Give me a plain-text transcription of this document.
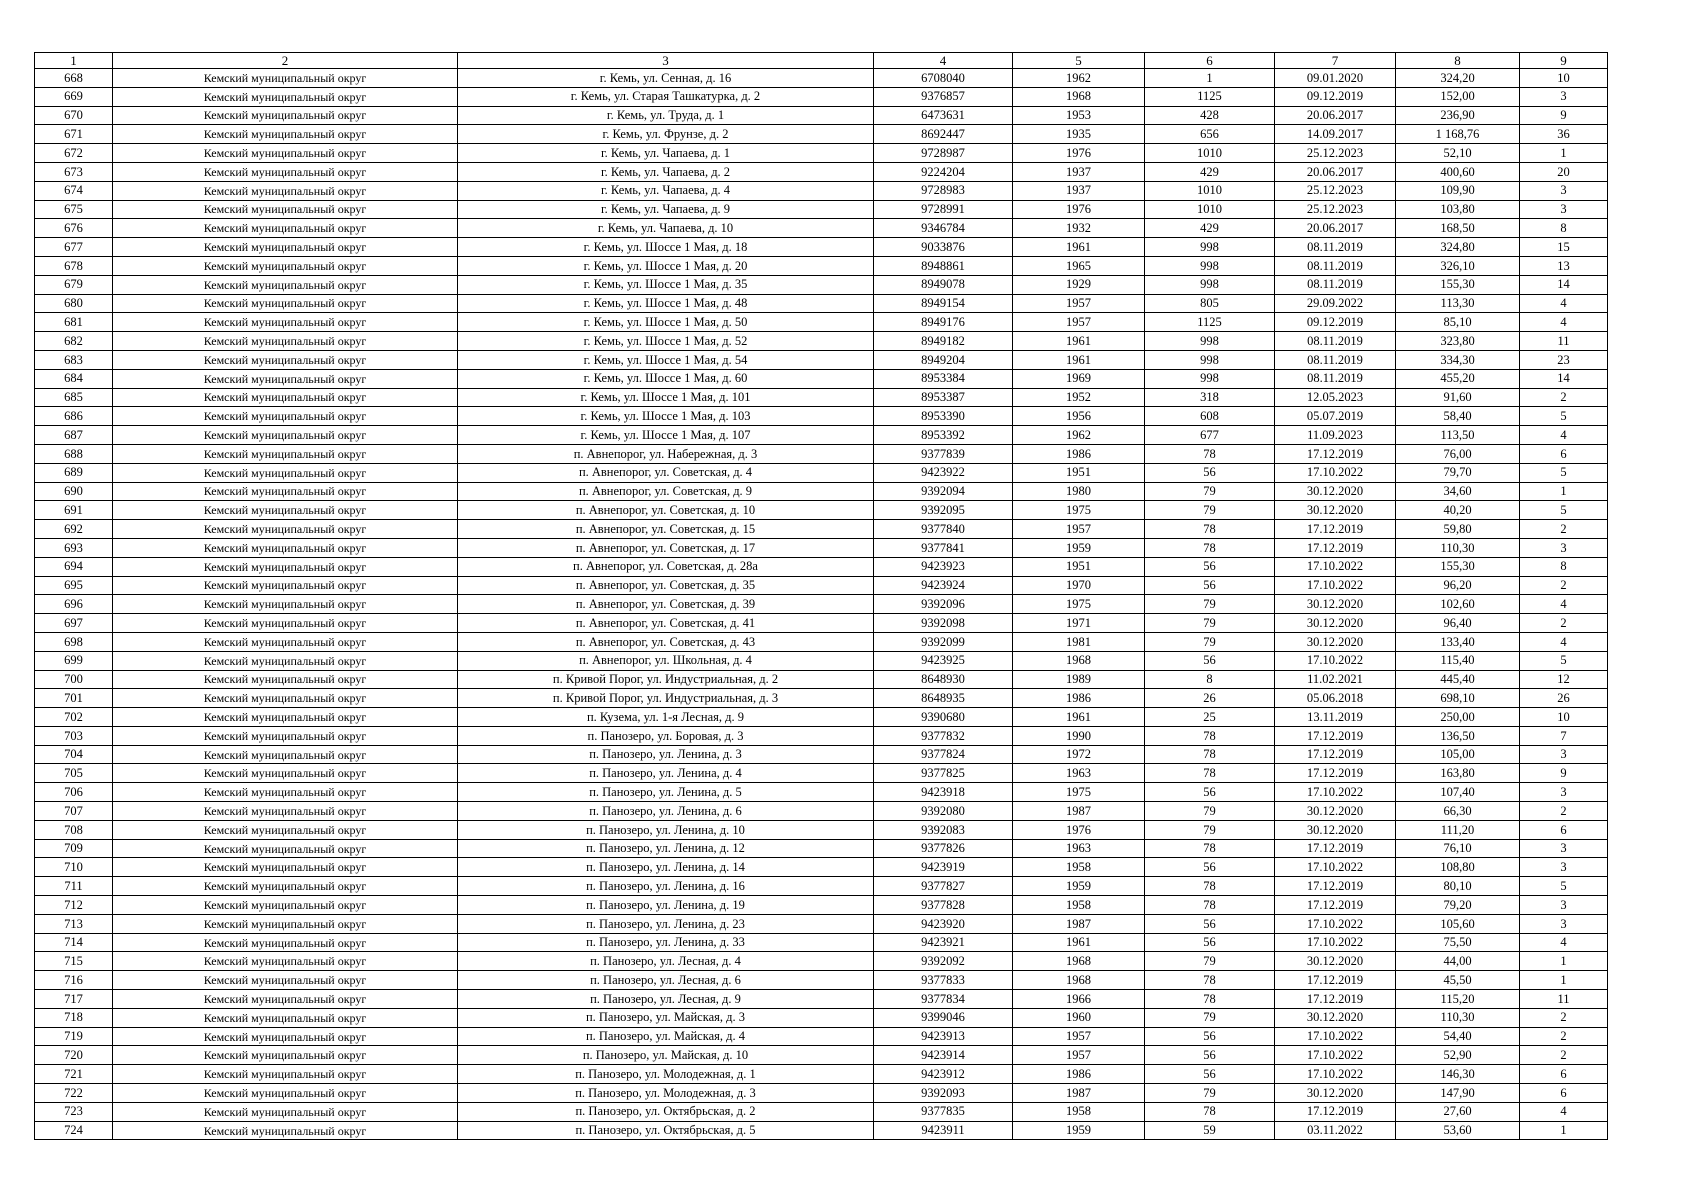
1	2	3	4	5	6	7	8	9
668	Кемский муниципальный округ	г. Кемь, ул. Сенная, д. 16	6708040	1962	1	09.01.2020	324,20	10
669	Кемский муниципальный округ	г. Кемь, ул. Старая Ташкатурка, д. 2	9376857	1968	1125	09.12.2019	152,00	3
670	Кемский муниципальный округ	г. Кемь, ул. Труда, д. 1	6473631	1953	428	20.06.2017	236,90	9
671	Кемский муниципальный округ	г. Кемь, ул. Фрунзе, д. 2	8692447	1935	656	14.09.2017	1 168,76	36
672	Кемский муниципальный округ	г. Кемь, ул. Чапаева, д. 1	9728987	1976	1010	25.12.2023	52,10	1
673	Кемский муниципальный округ	г. Кемь, ул. Чапаева, д. 2	9224204	1937	429	20.06.2017	400,60	20
674	Кемский муниципальный округ	г. Кемь, ул. Чапаева, д. 4	9728983	1937	1010	25.12.2023	109,90	3
675	Кемский муниципальный округ	г. Кемь, ул. Чапаева, д. 9	9728991	1976	1010	25.12.2023	103,80	3
676	Кемский муниципальный округ	г. Кемь, ул. Чапаева, д. 10	9346784	1932	429	20.06.2017	168,50	8
677	Кемский муниципальный округ	г. Кемь, ул. Шоссе 1 Мая, д. 18	9033876	1961	998	08.11.2019	324,80	15
678	Кемский муниципальный округ	г. Кемь, ул. Шоссе 1 Мая, д. 20	8948861	1965	998	08.11.2019	326,10	13
679	Кемский муниципальный округ	г. Кемь, ул. Шоссе 1 Мая, д. 35	8949078	1929	998	08.11.2019	155,30	14
680	Кемский муниципальный округ	г. Кемь, ул. Шоссе 1 Мая, д. 48	8949154	1957	805	29.09.2022	113,30	4
681	Кемский муниципальный округ	г. Кемь, ул. Шоссе 1 Мая, д. 50	8949176	1957	1125	09.12.2019	85,10	4
682	Кемский муниципальный округ	г. Кемь, ул. Шоссе 1 Мая, д. 52	8949182	1961	998	08.11.2019	323,80	11
683	Кемский муниципальный округ	г. Кемь, ул. Шоссе 1 Мая, д. 54	8949204	1961	998	08.11.2019	334,30	23
684	Кемский муниципальный округ	г. Кемь, ул. Шоссе 1 Мая, д. 60	8953384	1969	998	08.11.2019	455,20	14
685	Кемский муниципальный округ	г. Кемь, ул. Шоссе 1 Мая, д. 101	8953387	1952	318	12.05.2023	91,60	2
686	Кемский муниципальный округ	г. Кемь, ул. Шоссе 1 Мая, д. 103	8953390	1956	608	05.07.2019	58,40	5
687	Кемский муниципальный округ	г. Кемь, ул. Шоссе 1 Мая, д. 107	8953392	1962	677	11.09.2023	113,50	4
688	Кемский муниципальный округ	п. Авнепорог, ул. Набережная, д. 3	9377839	1986	78	17.12.2019	76,00	6
689	Кемский муниципальный округ	п. Авнепорог, ул. Советская, д. 4	9423922	1951	56	17.10.2022	79,70	5
690	Кемский муниципальный округ	п. Авнепорог, ул. Советская, д. 9	9392094	1980	79	30.12.2020	34,60	1
691	Кемский муниципальный округ	п. Авнепорог, ул. Советская, д. 10	9392095	1975	79	30.12.2020	40,20	5
692	Кемский муниципальный округ	п. Авнепорог, ул. Советская, д. 15	9377840	1957	78	17.12.2019	59,80	2
693	Кемский муниципальный округ	п. Авнепорог, ул. Советская, д. 17	9377841	1959	78	17.12.2019	110,30	3
694	Кемский муниципальный округ	п. Авнепорог, ул. Советская, д. 28а	9423923	1951	56	17.10.2022	155,30	8
695	Кемский муниципальный округ	п. Авнепорог, ул. Советская, д. 35	9423924	1970	56	17.10.2022	96,20	2
696	Кемский муниципальный округ	п. Авнепорог, ул. Советская, д. 39	9392096	1975	79	30.12.2020	102,60	4
697	Кемский муниципальный округ	п. Авнепорог, ул. Советская, д. 41	9392098	1971	79	30.12.2020	96,40	2
698	Кемский муниципальный округ	п. Авнепорог, ул. Советская, д. 43	9392099	1981	79	30.12.2020	133,40	4
699	Кемский муниципальный округ	п. Авнепорог, ул. Школьная, д. 4	9423925	1968	56	17.10.2022	115,40	5
700	Кемский муниципальный округ	п. Кривой Порог, ул. Индустриальная, д. 2	8648930	1989	8	11.02.2021	445,40	12
701	Кемский муниципальный округ	п. Кривой Порог, ул. Индустриальная, д. 3	8648935	1986	26	05.06.2018	698,10	26
702	Кемский муниципальный округ	п. Кузема, ул. 1-я Лесная, д. 9	9390680	1961	25	13.11.2019	250,00	10
703	Кемский муниципальный округ	п. Панозеро, ул. Боровая, д. 3	9377832	1990	78	17.12.2019	136,50	7
704	Кемский муниципальный округ	п. Панозеро, ул. Ленина, д. 3	9377824	1972	78	17.12.2019	105,00	3
705	Кемский муниципальный округ	п. Панозеро, ул. Ленина, д. 4	9377825	1963	78	17.12.2019	163,80	9
706	Кемский муниципальный округ	п. Панозеро, ул. Ленина, д. 5	9423918	1975	56	17.10.2022	107,40	3
707	Кемский муниципальный округ	п. Панозеро, ул. Ленина, д. 6	9392080	1987	79	30.12.2020	66,30	2
708	Кемский муниципальный округ	п. Панозеро, ул. Ленина, д. 10	9392083	1976	79	30.12.2020	111,20	6
709	Кемский муниципальный округ	п. Панозеро, ул. Ленина, д. 12	9377826	1963	78	17.12.2019	76,10	3
710	Кемский муниципальный округ	п. Панозеро, ул. Ленина, д. 14	9423919	1958	56	17.10.2022	108,80	3
711	Кемский муниципальный округ	п. Панозеро, ул. Ленина, д. 16	9377827	1959	78	17.12.2019	80,10	5
712	Кемский муниципальный округ	п. Панозеро, ул. Ленина, д. 19	9377828	1958	78	17.12.2019	79,20	3
713	Кемский муниципальный округ	п. Панозеро, ул. Ленина, д. 23	9423920	1987	56	17.10.2022	105,60	3
714	Кемский муниципальный округ	п. Панозеро, ул. Ленина, д. 33	9423921	1961	56	17.10.2022	75,50	4
715	Кемский муниципальный округ	п. Панозеро, ул. Лесная, д. 4	9392092	1968	79	30.12.2020	44,00	1
716	Кемский муниципальный округ	п. Панозеро, ул. Лесная, д. 6	9377833	1968	78	17.12.2019	45,50	1
717	Кемский муниципальный округ	п. Панозеро, ул. Лесная, д. 9	9377834	1966	78	17.12.2019	115,20	11
718	Кемский муниципальный округ	п. Панозеро, ул. Майская, д. 3	9399046	1960	79	30.12.2020	110,30	2
719	Кемский муниципальный округ	п. Панозеро, ул. Майская, д. 4	9423913	1957	56	17.10.2022	54,40	2
720	Кемский муниципальный округ	п. Панозеро, ул. Майская, д. 10	9423914	1957	56	17.10.2022	52,90	2
721	Кемский муниципальный округ	п. Панозеро, ул. Молодежная, д. 1	9423912	1986	56	17.10.2022	146,30	6
722	Кемский муниципальный округ	п. Панозеро, ул. Молодежная, д. 3	9392093	1987	79	30.12.2020	147,90	6
723	Кемский муниципальный округ	п. Панозеро, ул. Октябрьская, д. 2	9377835	1958	78	17.12.2019	27,60	4
724	Кемский муниципальный округ	п. Панозеро, ул. Октябрьская, д. 5	9423911	1959	59	03.11.2022	53,60	1
